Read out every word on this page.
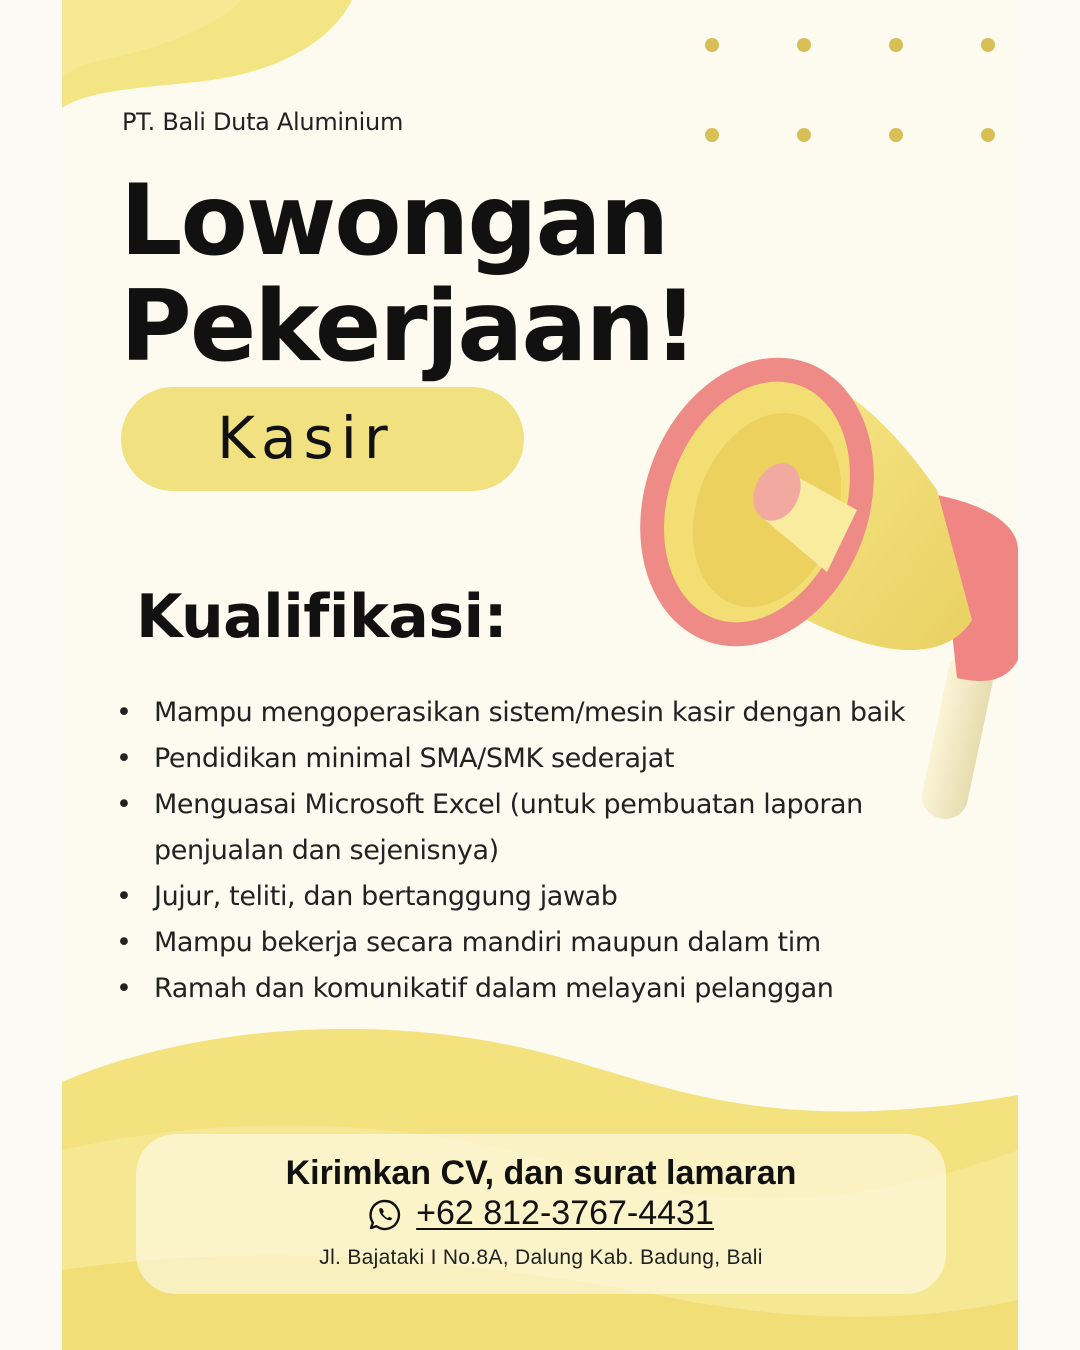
PT. Bali Duta Aluminium
Lowongan
Pekerjaan!
Kasir
Kualifikasi:
• Mampu mengoperasikan sistem/mesin kasir dengan baik
• Pendidikan minimal SMA/SMK sederajat
• Menguasai Microsoft Excel (untuk pembuatan laporan penjualan dan sejenisnya)
• Jujur, teliti, dan bertanggung jawab
• Mampu bekerja secara mandiri maupun dalam tim
• Ramah dan komunikatif dalam melayani pelanggan
Kirimkan CV, dan surat lamaran
+62 812-3767-4431
Jl. Bajataki I No.8A, Dalung Kab. Badung, Bali
